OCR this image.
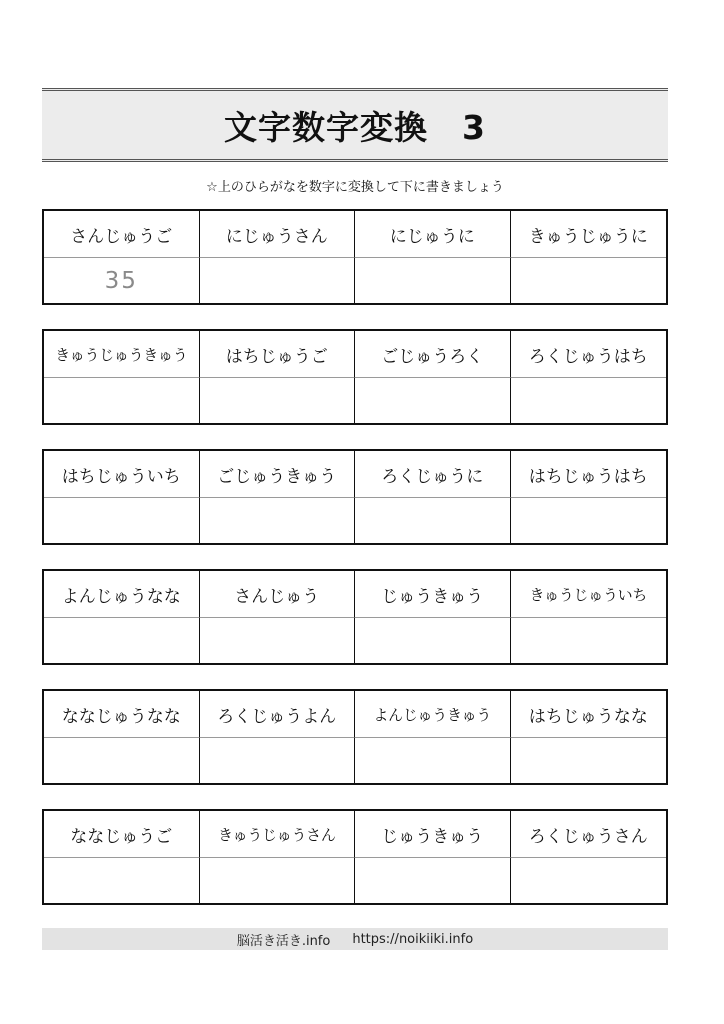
文字数字変換　3
☆上のひらがなを数字に変換して下に書きましょう
さんじゅうご	にじゅうさん	にじゅうに	きゅうじゅうに
35
きゅうじゅうきゅう	はちじゅうご	ごじゅうろく	ろくじゅうはち
はちじゅういち	ごじゅうきゅう	ろくじゅうに	はちじゅうはち
よんじゅうなな	さんじゅう	じゅうきゅう	きゅうじゅういち
ななじゅうなな	ろくじゅうよん	よんじゅうきゅう	はちじゅうなな
ななじゅうご	きゅうじゅうさん	じゅうきゅう	ろくじゅうさん
脳活き活き.info https://noikiiki.info
